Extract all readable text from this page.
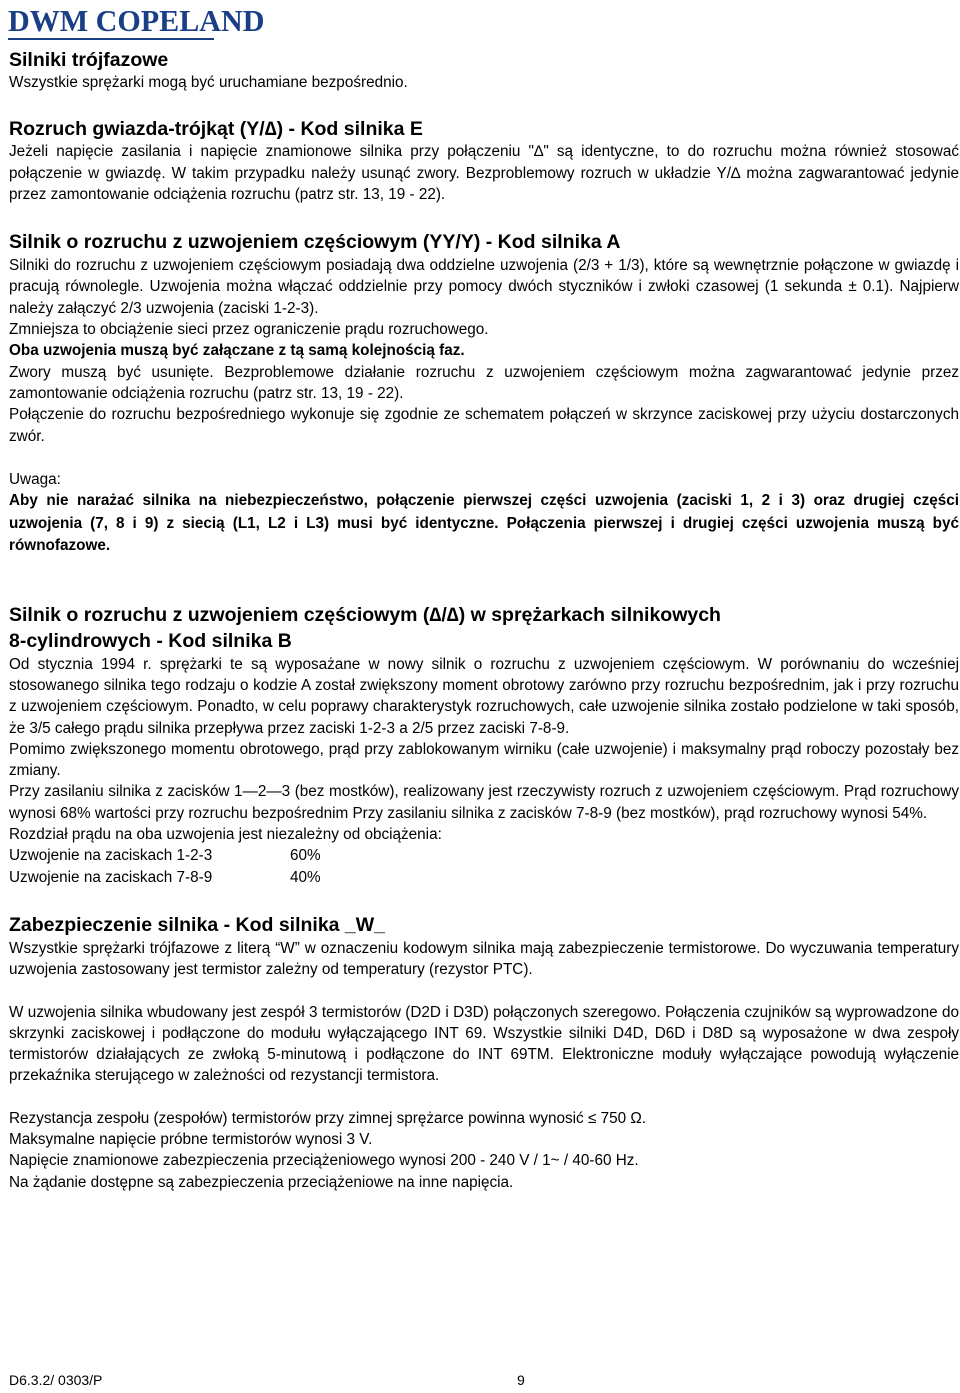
DWM COPELAND
Silniki trójfazowe

Wszystkie sprężarki mogą być uruchamiane bezpośrednio.

Rozruch gwiazda-trójkąt (Y/∆) - Kod silnika E

Jeżeli napięcie zasilania i napięcie znamionowe silnika przy połączeniu "∆" są identyczne, to do rozruchu można również stosować połączenie w gwiazdę. W takim przypadku należy usunąć zwory. Bezproblemowy rozruch w układzie Y/∆ można zagwarantować jedynie przez zamontowanie odciążenia rozruchu (patrz str. 13, 19 - 22).

Silnik o rozruchu z uzwojeniem częściowym (YY/Y) - Kod silnika A

Silniki do rozruchu z uzwojeniem częściowym posiadają dwa oddzielne uzwojenia (2/3 + 1/3), które są wewnętrznie połączone w gwiazdę i pracują równolegle. Uzwojenia można włączać oddzielnie przy pomocy dwóch styczników i zwłoki czasowej (1 sekunda ± 0.1). Najpierw należy załączyć 2/3 uzwojenia (zaciski 1-2-3).

Zmniejsza to obciążenie sieci przez ograniczenie prądu rozruchowego.

Oba uzwojenia muszą być załączane z tą samą kolejnością faz.

Zwory muszą być usunięte. Bezproblemowe działanie rozruchu z uzwojeniem częściowym można zagwarantować jedynie przez zamontowanie odciążenia rozruchu (patrz str. 13, 19 - 22).

Połączenie do rozruchu bezpośredniego wykonuje się zgodnie ze schematem połączeń w skrzynce zaciskowej przy użyciu dostarczonych zwór.

Uwaga:

Aby nie narażać silnika na niebezpieczeństwo, połączenie pierwszej części uzwojenia (zaciski 1, 2 i 3) oraz drugiej części uzwojenia (7, 8 i 9) z siecią (L1, L2 i L3) musi być identyczne. Połączenia pierwszej i drugiej części uzwojenia muszą być równofazowe.

Silnik o rozruchu z uzwojeniem częściowym (∆/∆) w sprężarkach silnikowych
8-cylindrowych - Kod silnika B

Od stycznia 1994 r. sprężarki te są wyposażane w nowy silnik o rozruchu z uzwojeniem częściowym. W porównaniu do wcześniej stosowanego silnika tego rodzaju o kodzie A został zwiększony moment obrotowy zarówno przy rozruchu bezpośrednim, jak i przy rozruchu z uzwojeniem częściowym. Ponadto, w celu poprawy charakterystyk rozruchowych, całe uzwojenie silnika zostało podzielone w taki sposób, że 3/5 całego prądu silnika przepływa przez zaciski 1-2-3 a 2/5 przez zaciski 7-8-9.

Pomimo zwiększonego momentu obrotowego, prąd przy zablokowanym wirniku (całe uzwojenie) i maksymalny prąd roboczy pozostały bez zmiany.

Przy zasilaniu silnika z zacisków 1—2—3 (bez mostków), realizowany jest rzeczywisty rozruch z uzwojeniem częściowym. Prąd rozruchowy wynosi 68% wartości przy rozruchu bezpośrednim Przy zasilaniu silnika z zacisków 7-8-9 (bez mostków), prąd rozruchowy wynosi 54%.

Rozdział prądu na oba uzwojenia jest niezależny od obciążenia:

Uzwojenie na zaciskach 1-2-3	60%
Uzwojenie na zaciskach 7-8-9	40%
Zabezpieczenie silnika - Kod silnika _W_

Wszystkie sprężarki trójfazowe z literą “W” w oznaczeniu kodowym silnika mają zabezpieczenie termistorowe. Do wyczuwania temperatury uzwojenia zastosowany jest termistor zależny od temperatury (rezystor PTC).

W uzwojenia silnika wbudowany jest zespół 3 termistorów (D2D i D3D) połączonych szeregowo. Połączenia czujników są wyprowadzone do skrzynki zaciskowej i podłączone do modułu wyłączającego INT 69. Wszystkie silniki D4D, D6D i D8D są wyposażone w dwa zespoły termistorów działających ze zwłoką 5-minutową i podłączone do INT 69TM. Elektroniczne moduły wyłączające powodują wyłączenie przekaźnika sterującego w zależności od rezystancji termistora.

Rezystancja zespołu (zespołów) termistorów przy zimnej sprężarce powinna wynosić ≤ 750 Ω.

Maksymalne napięcie próbne termistorów wynosi 3 V.

Napięcie znamionowe zabezpieczenia przeciążeniowego wynosi 200 - 240 V / 1~ / 40-60 Hz.

Na żądanie dostępne są zabezpieczenia przeciążeniowe na inne napięcia.

D6.3.2/ 0303/P	9
